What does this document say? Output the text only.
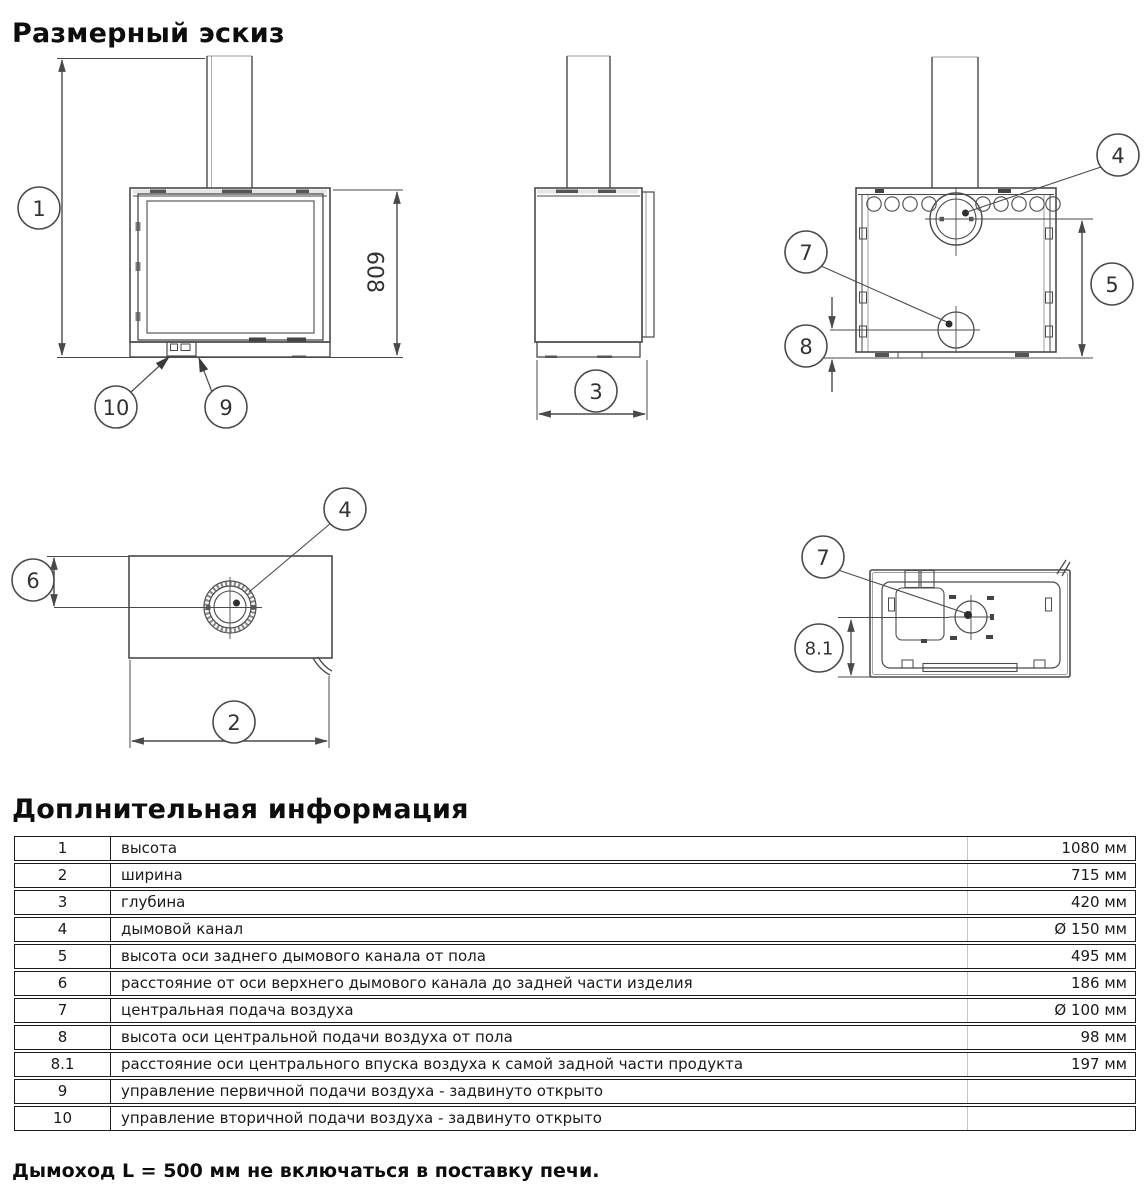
Размерный эскиз
608
1
10	9
3
4
7
5
8
4
6
2
7
8.1
Доплнительная информация
1	высота	1080 мм
2	ширина	715 мм
3	глубина	420 мм
4	дымовой канал	Ø 150 мм
5	высота оси заднего дымового канала от пола	495 мм
6	расстояние от оси верхнего дымового канала до задней части изделия	186 мм
7	центральная подача воздуха	Ø 100 мм
8	высота оси центральной подачи воздуха от пола	98 мм
8.1	расстояние оси центрального впуска воздуха к самой задной части продукта	197 мм
9	управление первичной подачи воздуха - задвинуто открыто
10	управление вторичной подачи воздуха - задвинуто открыто

Дымоход L = 500 мм не включаться в поставку печи.
